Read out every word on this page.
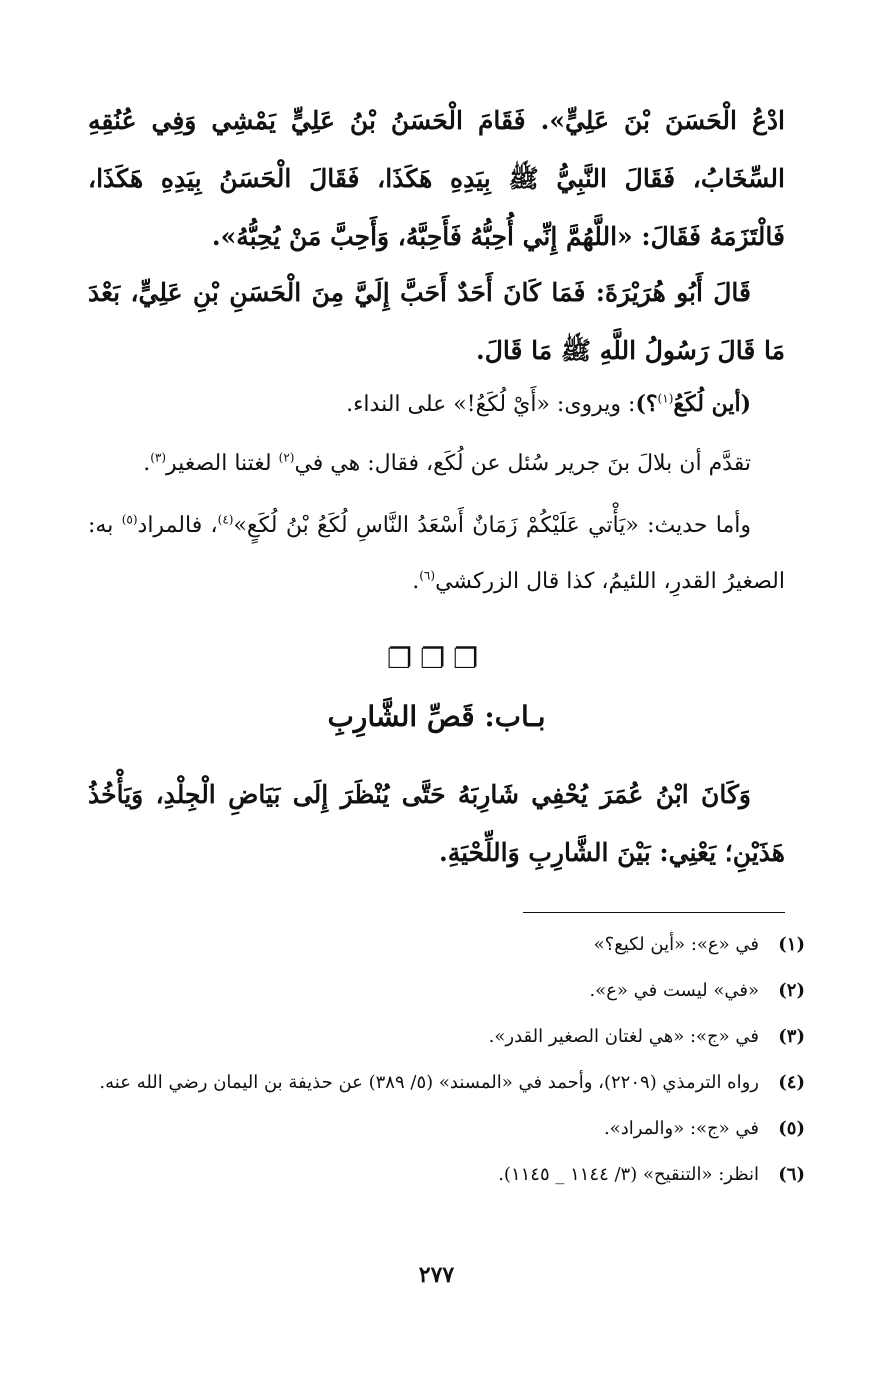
ادْعُ الْحَسَنَ بْنَ عَلِيٍّ». فَقَامَ الْحَسَنُ بْنُ عَلِيٍّ يَمْشِي وَفِي عُنُقِهِ السِّخَابُ، فَقَالَ النَّبِيُّ ﷺ بِيَدِهِ هَكَذَا، فَقَالَ الْحَسَنُ بِيَدِهِ هَكَذَا، فَالْتَزَمَهُ فَقَالَ: «اللَّهُمَّ إِنِّي أُحِبُّهُ فَأَحِبَّهُ، وَأَحِبَّ مَنْ يُحِبُّهُ».

قَالَ أَبُو هُرَيْرَةَ: فَمَا كَانَ أَحَدٌ أَحَبَّ إِلَيَّ مِنَ الْحَسَنِ بْنِ عَلِيٍّ، بَعْدَ مَا قَالَ رَسُولُ اللَّهِ ﷺ مَا قَالَ.

(أين لُكَعُ$^{(١)}$؟): ويروى: «أَيْ لُكَعُ!» على النداء.

تقدَّم أن بلالَ بنَ جرير سُئل عن لُكَع، فقال: هي في$^{(٢)}$ لغتنا الصغير$^{(٣)}$.

وأما حديث: «يَأْتي عَلَيْكُمْ زَمَانٌ أَسْعَدُ النَّاسِ لُكَعُ بْنُ لُكَعٍ»$^{(٤)}$، فالمراد$^{(٥)}$ به: الصغيرُ القدرِ، اللئيمُ، كذا قال الزركشي$^{(٦)}$.

❐❐❐
بـاب: قَصِّ الشَّارِبِ

وَكَانَ ابْنُ عُمَرَ يُحْفِي شَارِبَهُ حَتَّى يُنْظَرَ إِلَى بَيَاضِ الْجِلْدِ، وَيَأْخُذُ هَذَيْنِ؛ يَعْنِي: بَيْنَ الشَّارِبِ وَاللِّحْيَةِ.

(١)
في «ع»: «أين لكيع؟»
(٢)
«في» ليست في «ع».
(٣)
في «ج»: «هي لغتان الصغير القدر».
(٤)
رواه الترمذي (٢٢٠٩)، وأحمد في «المسند» (٥/ ٣٨٩) عن حذيفة بن اليمان رضي الله عنه.
(٥)
في «ج»: «والمراد».
(٦)
انظر: «التنقيح» (٣/ ١١٤٤ _ ١١٤٥).
٢٧٧
